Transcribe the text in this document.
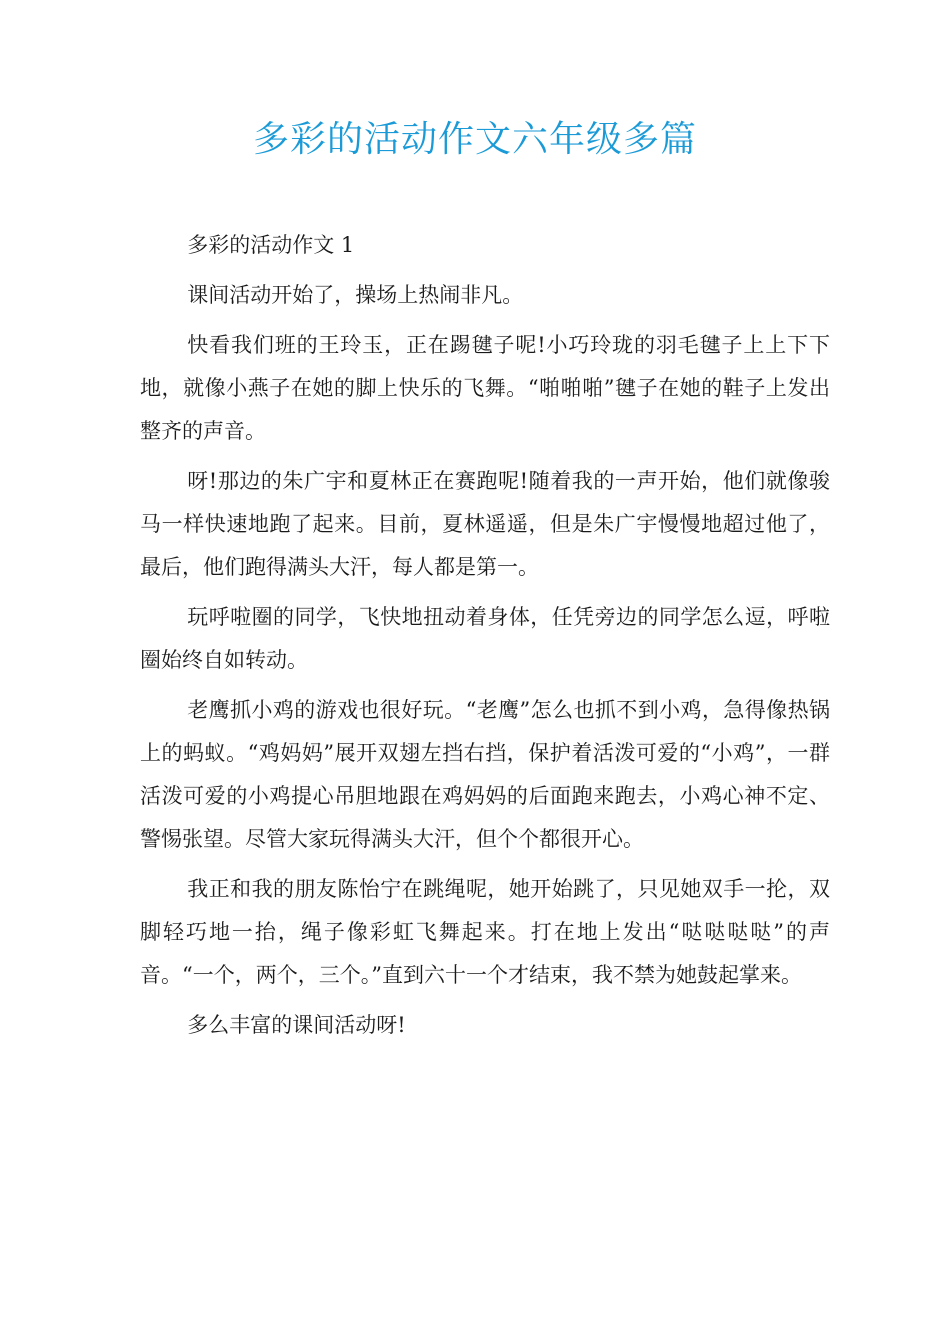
多彩的活动作文六年级多篇

多彩的活动作文 1

课间活动开始了，操场上热闹非凡。

快看我们班的王玲玉，正在踢毽子呢!小巧玲珑的羽毛毽子上上下下地，就像小燕子在她的脚上快乐的飞舞。“啪啪啪”毽子在她的鞋子上发出整齐的声音。

呀!那边的朱广宇和夏林正在赛跑呢!随着我的一声开始，他们就像骏马一样快速地跑了起来。目前，夏林遥遥，但是朱广宇慢慢地超过他了，最后，他们跑得满头大汗，每人都是第一。

玩呼啦圈的同学，飞快地扭动着身体，任凭旁边的同学怎么逗，呼啦圈始终自如转动。

老鹰抓小鸡的游戏也很好玩。“老鹰”怎么也抓不到小鸡，急得像热锅上的蚂蚁。“鸡妈妈”展开双翅左挡右挡，保护着活泼可爱的“小鸡”，一群活泼可爱的小鸡提心吊胆地跟在鸡妈妈的后面跑来跑去，小鸡心神不定、警惕张望。尽管大家玩得满头大汗，但个个都很开心。

我正和我的朋友陈怡宁在跳绳呢，她开始跳了，只见她双手一抡，双脚轻巧地一抬，绳子像彩虹飞舞起来。打在地上发出“哒哒哒哒”的声音。“一个，两个，三个。”直到六十一个才结束，我不禁为她鼓起掌来。

多么丰富的课间活动呀!
